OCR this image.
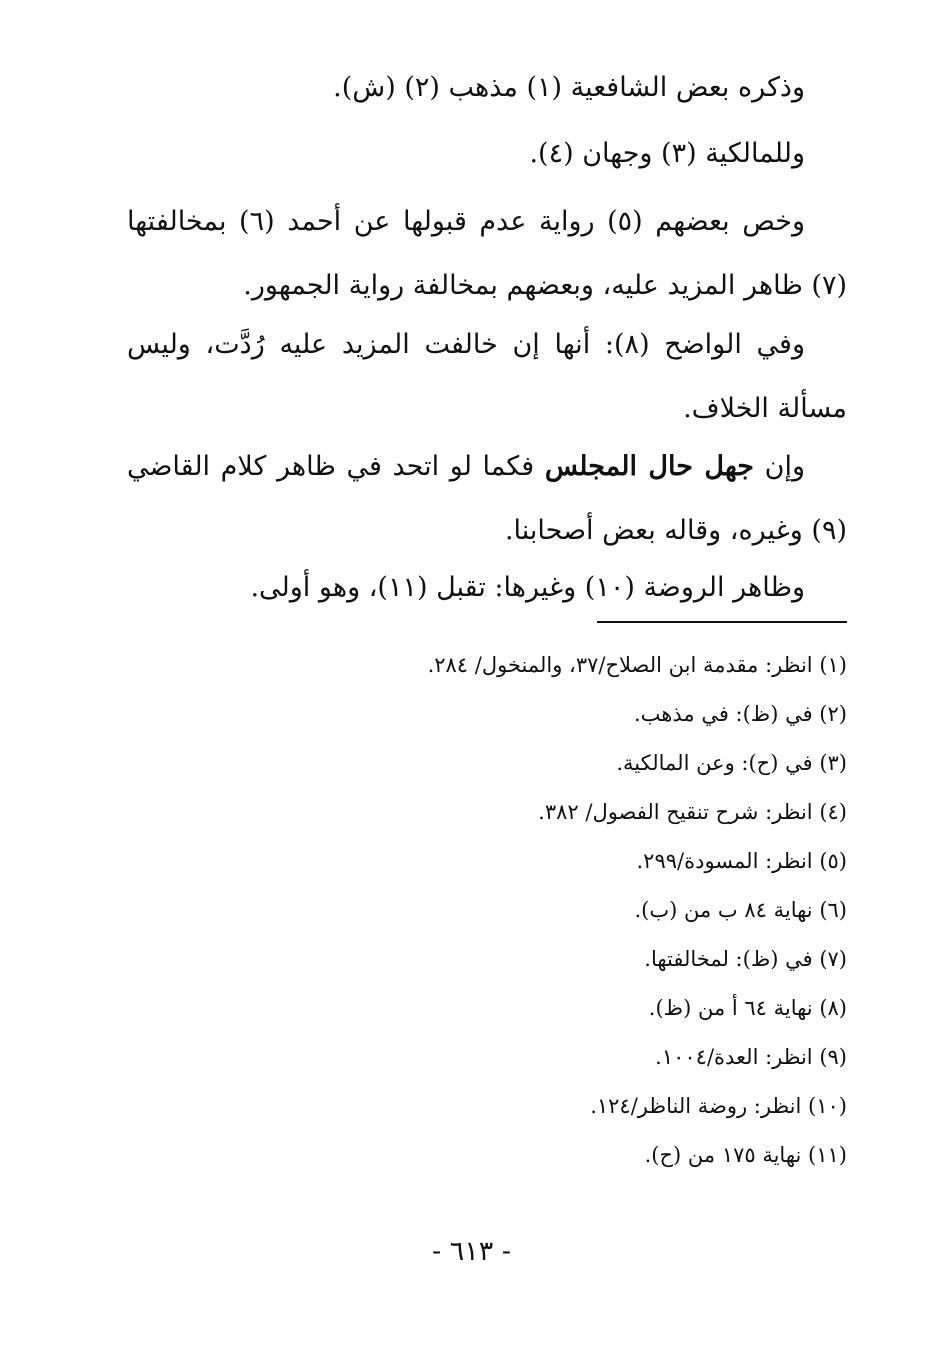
وذكره بعض الشافعية (١) مذهب (٢) (ش).

وللمالكية (٣) وجهان (٤).

وخص بعضهم (٥) رواية عدم قبولها عن أحمد (٦) بمخالفتها (٧) ظاهر المزيد عليه، وبعضهم بمخالفة رواية الجمهور.

وفي الواضح (٨): أنها إن خالفت المزيد عليه رُدَّت، وليس مسألة الخلاف.

وإن جهل حال المجلس فكما لو اتحد في ظاهر كلام القاضي (٩) وغيره، وقاله بعض أصحابنا.

وظاهر الروضة (١٠) وغيرها: تقبل (١١)، وهو أولى.

(١) انظر: مقدمة ابن الصلاح/٣٧، والمنخول/ ٢٨٤.
(٢) في (ظ): في مذهب.
(٣) في (ح): وعن المالكية.
(٤) انظر: شرح تنقيح الفصول/ ٣٨٢.
(٥) انظر: المسودة/٢٩٩.
(٦) نهاية ٨٤ ب من (ب).
(٧) في (ظ): لمخالفتها.
(٨) نهاية ٦٤ أ من (ظ).
(٩) انظر: العدة/١٠٠٤.
(١٠) انظر: روضة الناظر/١٢٤.
(١١) نهاية ١٧٥ من (ح).
- ٦١٣ -
